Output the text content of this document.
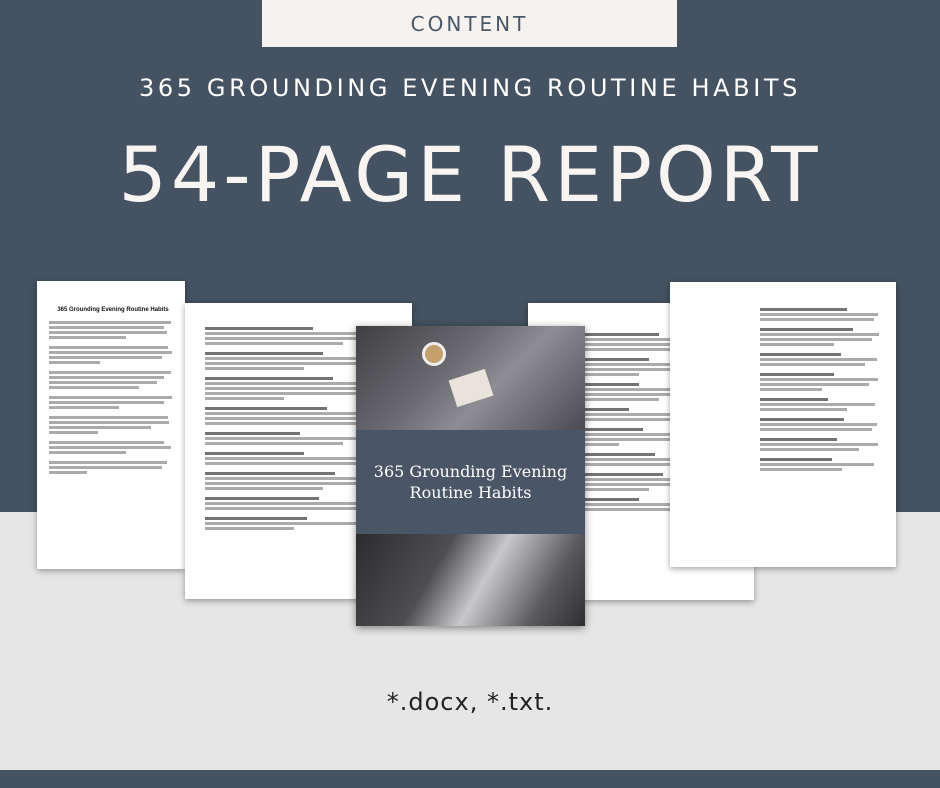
CONTENT
365 GROUNDING EVENING ROUTINE HABITS
54-PAGE REPORT
365 Grounding Evening Routine Habits
365 Grounding Evening Routine Habits
*.docx, *.txt.
